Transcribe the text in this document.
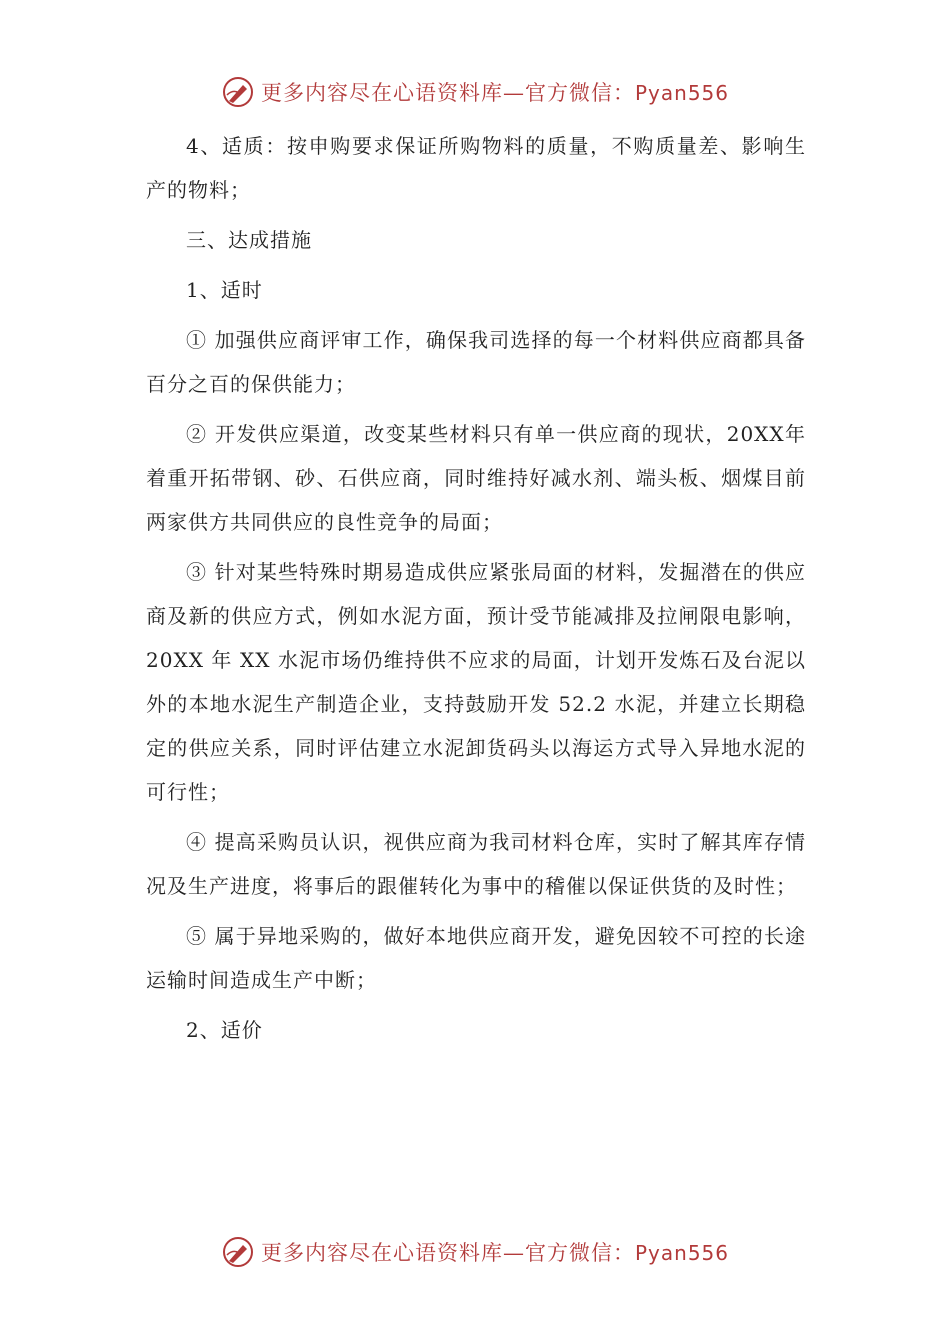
更多内容尽在心语资料库—官方微信：Pyan556

4、适质：按申购要求保证所购物料的质量，不购质量差、影响生产的物料；

三、达成措施

1、适时

① 加强供应商评审工作，确保我司选择的每一个材料供应商都具备百分之百的保供能力；

② 开发供应渠道，改变某些材料只有单一供应商的现状，20XX年着重开拓带钢、砂、石供应商，同时维持好减水剂、端头板、烟煤目前两家供方共同供应的良性竞争的局面；

③ 针对某些特殊时期易造成供应紧张局面的材料，发掘潜在的供应商及新的供应方式，例如水泥方面，预计受节能减排及拉闸限电影响，20XX 年 XX 水泥市场仍维持供不应求的局面，计划开发炼石及台泥以外的本地水泥生产制造企业，支持鼓励开发 52.2 水泥，并建立长期稳定的供应关系，同时评估建立水泥卸货码头以海运方式导入异地水泥的可行性；

④ 提高采购员认识，视供应商为我司材料仓库，实时了解其库存情况及生产进度，将事后的跟催转化为事中的稽催以保证供货的及时性；

⑤ 属于异地采购的，做好本地供应商开发，避免因较不可控的长途运输时间造成生产中断；

2、适价

更多内容尽在心语资料库—官方微信：Pyan556
